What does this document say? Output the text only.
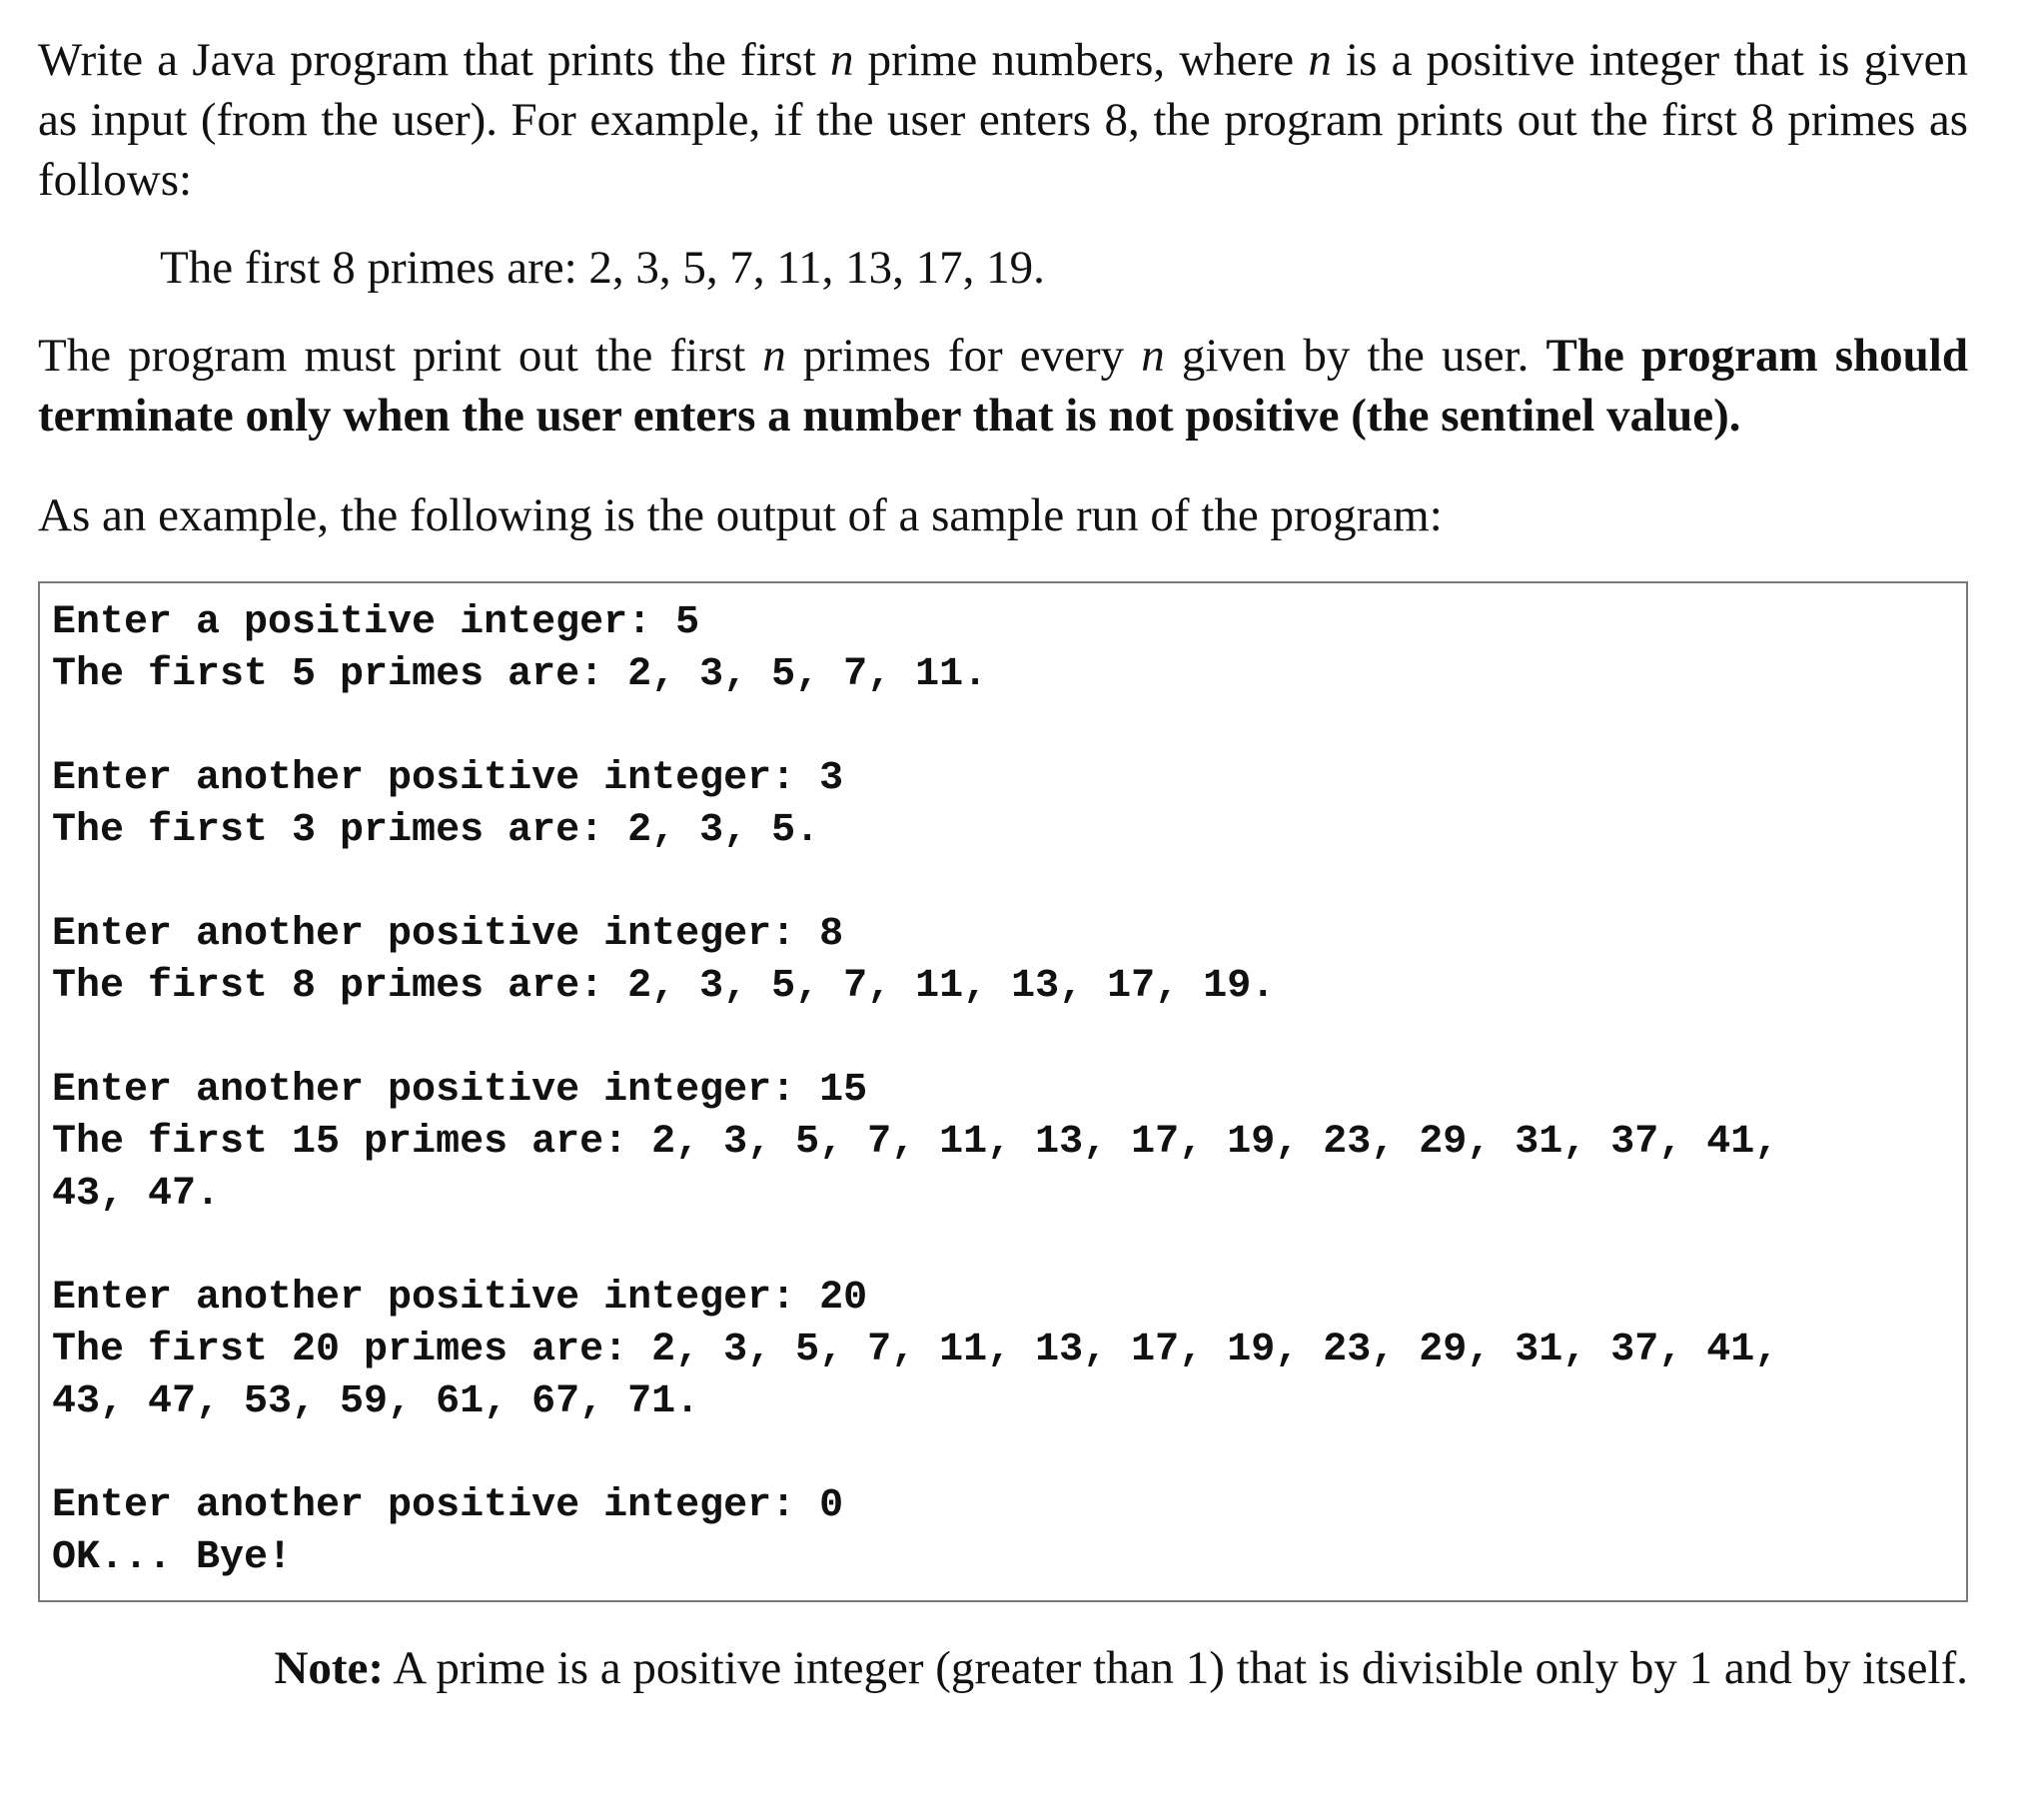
Write a Java program that prints the first n prime numbers, where n is a positive integer that is given as input (from the user). For example, if the user enters 8, the program prints out the first 8 primes as follows:

The first 8 primes are: 2, 3, 5, 7, 11, 13, 17, 19.

The program must print out the first n primes for every n given by the user. The program should terminate only when the user enters a number that is not positive (the sentinel value).

As an example, the following is the output of a sample run of the program:

Enter a positive integer: 5
The first 5 primes are: 2, 3, 5, 7, 11.
Enter another positive integer: 3
The first 3 primes are: 2, 3, 5.
Enter another positive integer: 8
The first 8 primes are: 2, 3, 5, 7, 11, 13, 17, 19.
Enter another positive integer: 15
The first 15 primes are: 2, 3, 5, 7, 11, 13, 17, 19, 23, 29, 31, 37, 41,
43, 47.
Enter another positive integer: 20
The first 20 primes are: 2, 3, 5, 7, 11, 13, 17, 19, 23, 29, 31, 37, 41,
43, 47, 53, 59, 61, 67, 71.
Enter another positive integer: 0
OK... Bye!
Note: A prime is a positive integer (greater than 1) that is divisible only by 1 and by itself.
